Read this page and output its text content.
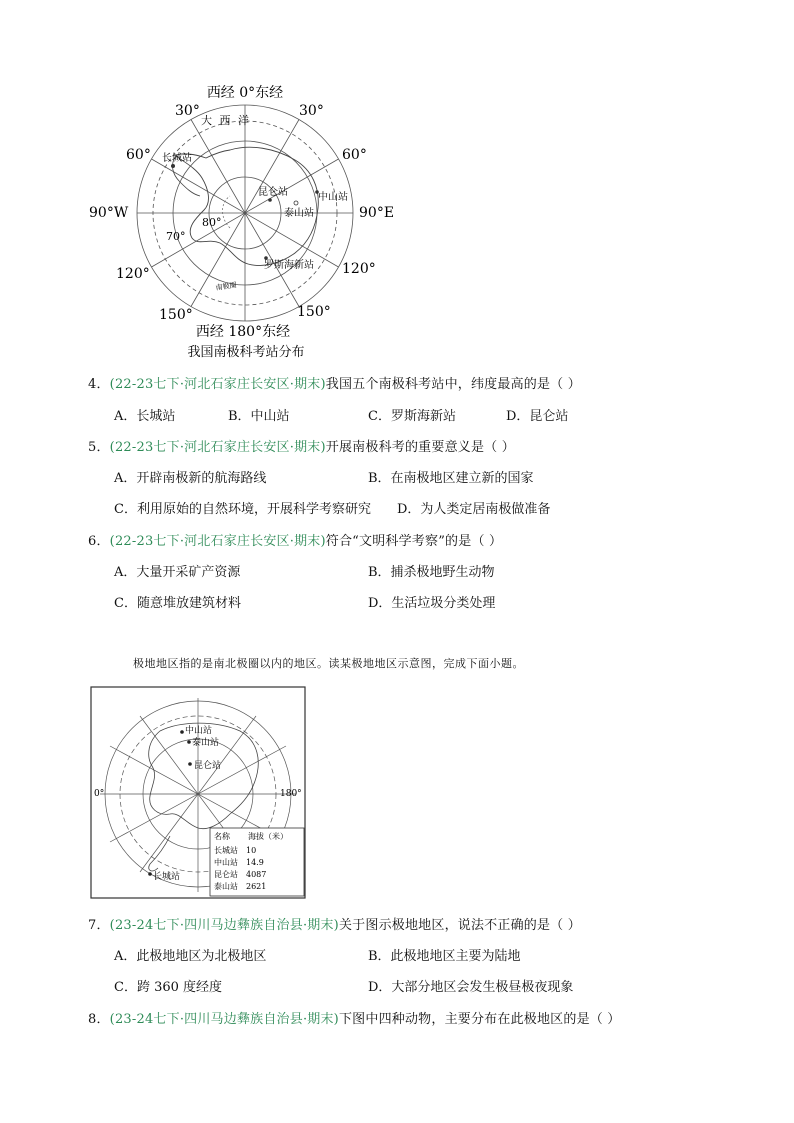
西经 0°东经
30°	30°
60°	60°
90°W	90°E
120°	120°
150°	150°
西经 180°东经
80°
70°
大 西 洋
南极圈
长城站
昆仑站
泰山站
中山站
罗斯海新站
我国南极科考站分布
4．(22-23七下·河北石家庄长安区·期末)我国五个南极科考站中，纬度最高的是（ ）
A．长城站	B．中山站	C．罗斯海新站	D．昆仑站
5．(22-23七下·河北石家庄长安区·期末)开展南极科考的重要意义是（ ）
A．开辟南极新的航海路线	B．在南极地区建立新的国家
C．利用原始的自然环境，开展科学考察研究 D．为人类定居南极做准备
6．(22-23七下·河北石家庄长安区·期末)符合“文明科学考察”的是（ ）
A．大量开采矿产资源	B．捕杀极地野生动物
C．随意堆放建筑材料	D．生活垃圾分类处理
极地地区指的是南北极圈以内的地区。读某极地地区示意图，完成下面小题。
中山站
泰山站
昆仑站
长城站
0°	180°
名称 海拔（米）
长城站 10
中山站 14.9
昆仑站 4087
泰山站 2621
7．(23-24七下·四川马边彝族自治县·期末)关于图示极地地区，说法不正确的是（ ）
A．此极地地区为北极地区	B．此极地地区主要为陆地
C．跨 360 度经度	D．大部分地区会发生极昼极夜现象
8．(23-24七下·四川马边彝族自治县·期末)下图中四种动物，主要分布在此极地区的是（ ）
